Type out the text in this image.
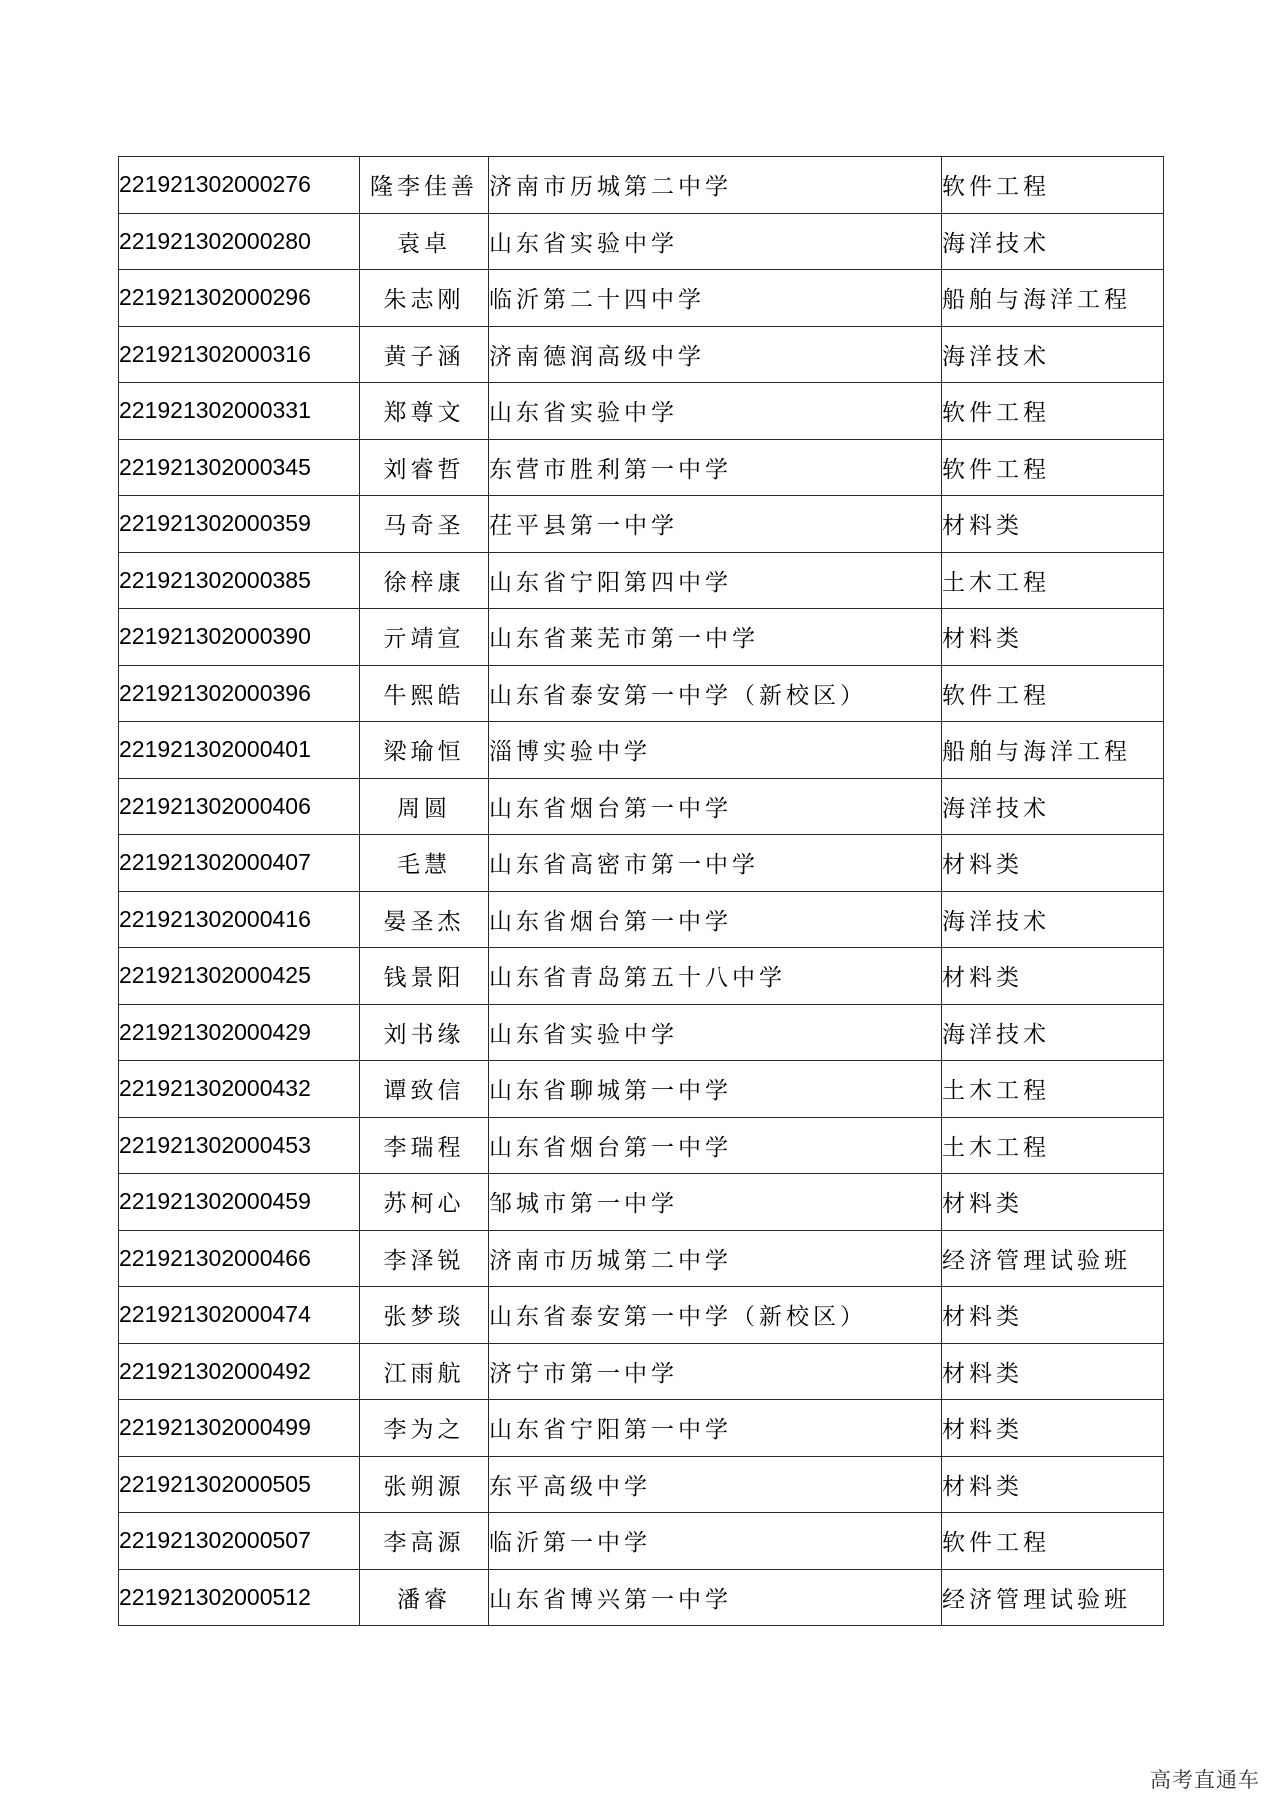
221921302000276	隆李佳善	济南市历城第二中学	软件工程
221921302000280	袁卓	山东省实验中学	海洋技术
221921302000296	朱志刚	临沂第二十四中学	船舶与海洋工程
221921302000316	黄子涵	济南德润高级中学	海洋技术
221921302000331	郑尊文	山东省实验中学	软件工程
221921302000345	刘睿哲	东营市胜利第一中学	软件工程
221921302000359	马奇圣	茌平县第一中学	材料类
221921302000385	徐梓康	山东省宁阳第四中学	土木工程
221921302000390	亓靖宣	山东省莱芜市第一中学	材料类
221921302000396	牛熙皓	山东省泰安第一中学（新校区）	软件工程
221921302000401	梁瑜恒	淄博实验中学	船舶与海洋工程
221921302000406	周圆	山东省烟台第一中学	海洋技术
221921302000407	毛慧	山东省高密市第一中学	材料类
221921302000416	晏圣杰	山东省烟台第一中学	海洋技术
221921302000425	钱景阳	山东省青岛第五十八中学	材料类
221921302000429	刘书缘	山东省实验中学	海洋技术
221921302000432	谭致信	山东省聊城第一中学	土木工程
221921302000453	李瑞程	山东省烟台第一中学	土木工程
221921302000459	苏柯心	邹城市第一中学	材料类
221921302000466	李泽锐	济南市历城第二中学	经济管理试验班
221921302000474	张梦琰	山东省泰安第一中学（新校区）	材料类
221921302000492	江雨航	济宁市第一中学	材料类
221921302000499	李为之	山东省宁阳第一中学	材料类
221921302000505	张朔源	东平高级中学	材料类
221921302000507	李高源	临沂第一中学	软件工程
221921302000512	潘睿	山东省博兴第一中学	经济管理试验班
高考直通车
